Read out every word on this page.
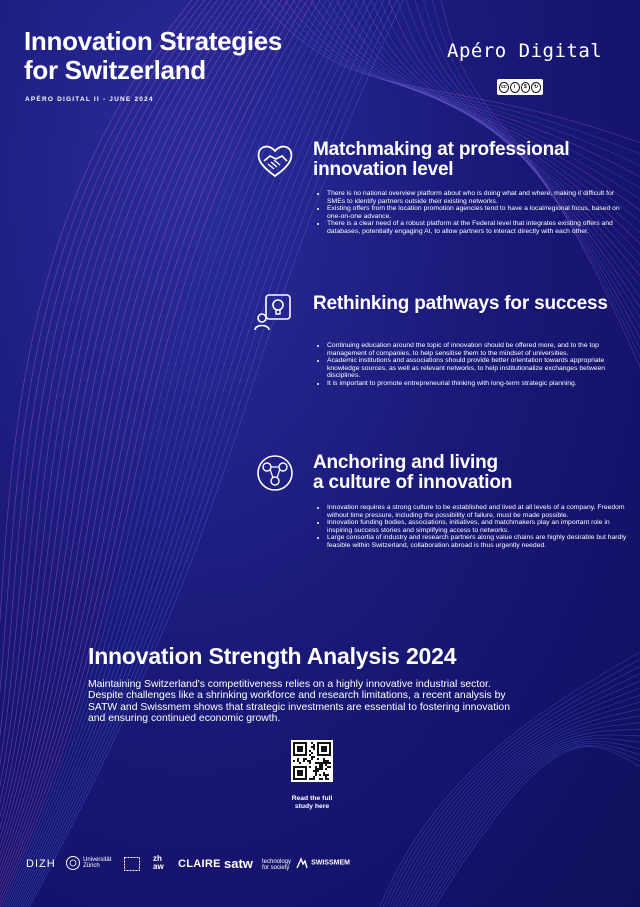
Innovation Strategies
for Switzerland
APÉRO DIGITAL II - JUNE 2024
Apéro Digital
cc	i	$	↻
Matchmaking at professional
innovation level
• There is no national overview platform about who is doing what and where, making it difficult for SMEs to identify partners outside their existing networks.
• Existing offers from the location promotion agencies tend to have a local/regional focus, based on one-on-one advance.
• There is a clear need of a robust platform at the Federal level that integrates existing offers and databases, potentially engaging AI, to allow partners to interact directly with each other.
Rethinking pathways for success
• Continuing education around the topic of innovation should be offered more, and to the top management of companies, to help sensitise them to the mindset of universities.
• Academic institutions and associations should provide better orientation towards appropriate knowledge sources, as well as relevant networks, to help institutionalize exchanges between disciplines.
• It is important to promote entrepreneurial thinking with long-term strategic planning.
Anchoring and living
a culture of innovation
• Innovation requires a strong culture to be established and lived at all levels of a company. Freedom without time pressure, including the possibility of failure, must be made possible.
• Innovation funding bodies, associations, initiatives, and matchmakers play an important role in inspiring success stories and simplifying access to networks.
• Large consortia of industry and research partners along value chains are highly desirable but hardly feasible within Switzerland, collaboration abroad is thus urgently needed.
Innovation Strength Analysis 2024
Maintaining Switzerland's competitiveness relies on a highly innovative industrial sector. Despite challenges like a shrinking workforce and research limitations, a recent analysis by SATW and Swissmem shows that strategic investments are essential to fostering innovation and ensuring continued economic growth.
Read the full
study here
DIZH	Universität
Zürich
zh
aw CLAIRE satw technology
for society
SWISSMEM
